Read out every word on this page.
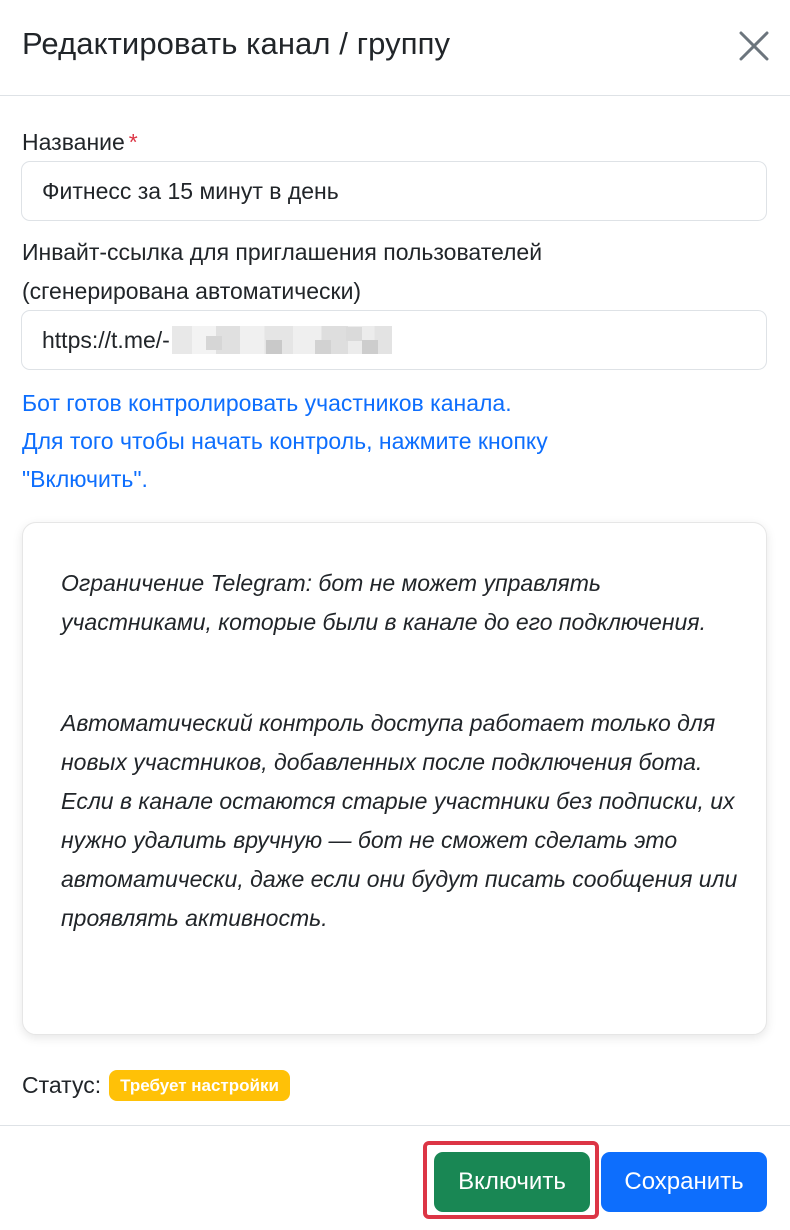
Редактировать канал / группу
Название *
Фитнесс за 15 минут в день
Инвайт-ссылка для приглашения пользователей
(сгенерирована автоматически)
https://t.me/-
Бот готов контролировать участников канала.
Для того чтобы начать контроль, нажмите кнопку
"Включить".
Ограничение Telegram: бот не может управлять участниками, которые были в канале до его подключения.
Автоматический контроль доступа работает только для новых участников, добавленных после подключения бота. Если в канале остаются старые участники без подписки, их нужно удалить вручную — бот не сможет сделать это автоматически, даже если они будут писать сообщения или проявлять активность.
Статус:	Требует настройки
Включить	Сохранить
